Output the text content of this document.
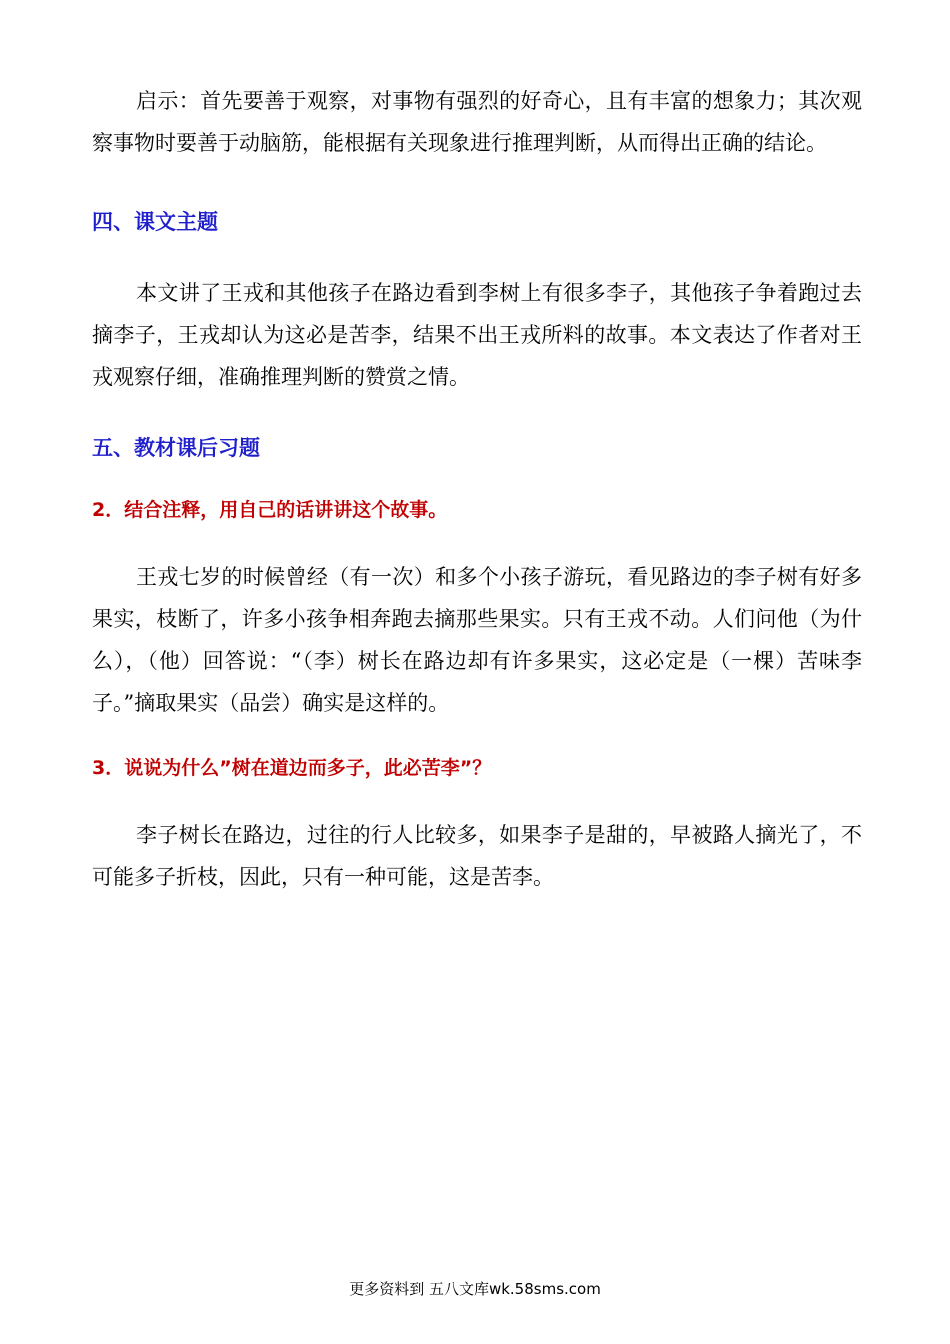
启示：首先要善于观察，对事物有强烈的好奇心，且有丰富的想象力；其次观察事物时要善于动脑筋，能根据有关现象进行推理判断，从而得出正确的结论。

四、课文主题

本文讲了王戎和其他孩子在路边看到李树上有很多李子，其他孩子争着跑过去摘李子，王戎却认为这必是苦李，结果不出王戎所料的故事。本文表达了作者对王戎观察仔细，准确推理判断的赞赏之情。

五、教材课后习题
2．结合注释，用自己的话讲讲这个故事。

王戎七岁的时候曾经（有一次）和多个小孩子游玩，看见路边的李子树有好多果实，枝断了，许多小孩争相奔跑去摘那些果实。只有王戎不动。人们问他（为什么），（他）回答说：“（李）树长在路边却有许多果实，这必定是（一棵）苦味李子。”摘取果实（品尝）确实是这样的。

3．说说为什么”树在道边而多子，此必苦李”？

李子树长在路边，过往的行人比较多，如果李子是甜的，早被路人摘光了，不可能多子折枝，因此，只有一种可能，这是苦李。

更多资料到 五八文库wk.58sms.com
